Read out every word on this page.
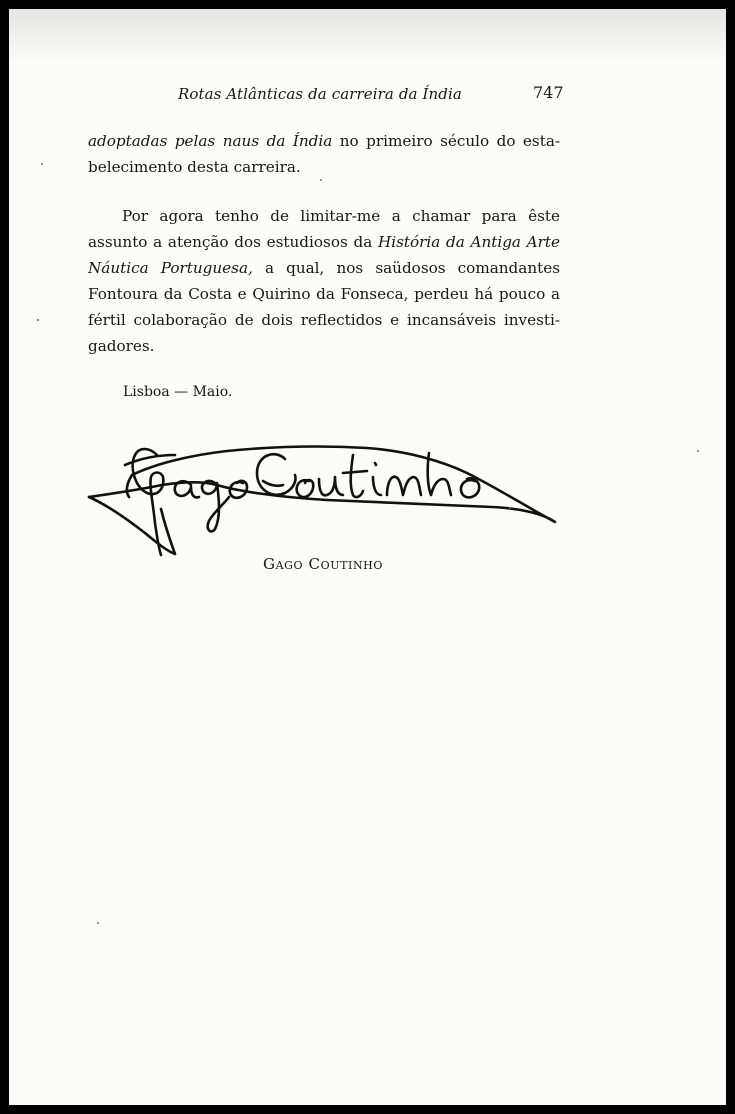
Rotas Atlânticas da carreira da Índia	747
adoptadas pelas naus da Índia no primeiro século do esta-
belecimento desta carreira.
Por agora tenho de limitar-me a chamar para êste
assunto a atenção dos estudiosos da História da Antiga Arte
Náutica Portuguesa, a qual, nos saüdosos comandantes
Fontoura da Costa e Quirino da Fonseca, perdeu há pouco a
fértil colaboração de dois reflectidos e incansáveis investi-
gadores.
Lisboa — Maio.
Gago Coutinho
